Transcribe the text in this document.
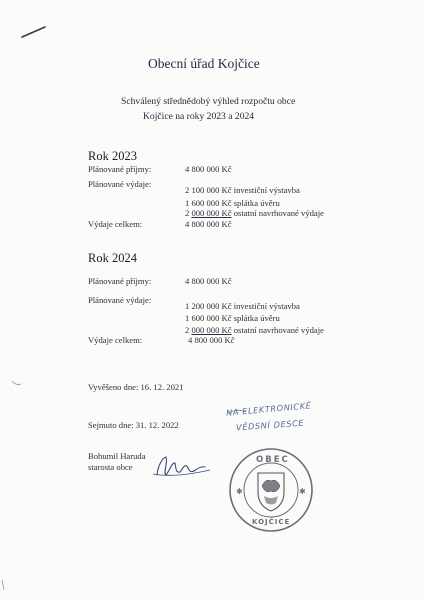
Obecní úřad Kojčice
Schválený střednědobý výhled rozpočtu obce
Kojčice na roky 2023 a 2024
Rok 2023
Plánované příjmy:	4 800 000 Kč
Plánované výdaje:
2 100 000 Kč investiční výstavba
1 600 000 Kč splátka úvěru
2 000 000 Kč ostatní navrhované výdaje
Výdaje celkem:	4 800 000 Kč
Rok 2024
Plánované příjmy:	4 800 000 Kč
Plánované výdaje:
1 200 000 Kč investiční výstavba
1 600 000 Kč splátka úvěru
2 000 000 Kč ostatní navrhované výdaje
Výdaje celkem:	4 800 000 Kč
Vyvěšeno dne: 16. 12. 2021
Sejmuto dne: 31. 12. 2022
NA ELEKTRONICKÉ
VĚDSNÍ DESCE
Bohumil Haruda
starosta obce
✱	✱
OBEC
KOJČICE
